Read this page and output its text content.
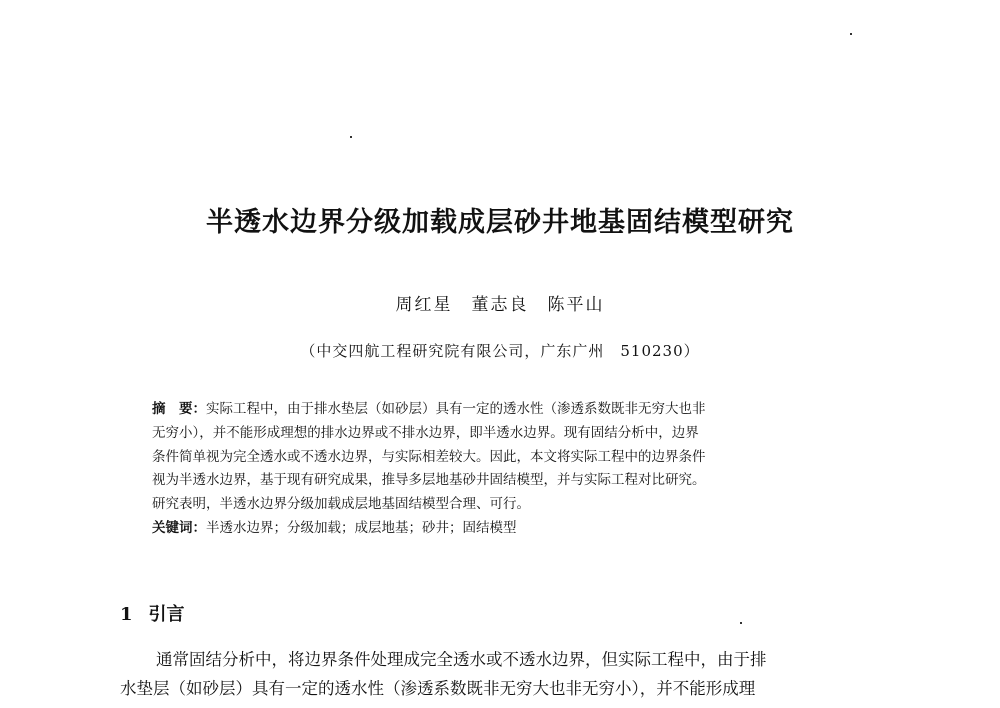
半透水边界分级加载成层砂井地基固结模型研究
周红星　董志良　陈平山
（中交四航工程研究院有限公司，广东广州　510230）
摘　要：实际工程中，由于排水垫层（如砂层）具有一定的透水性（渗透系数既非无穷大也非
无穷小），并不能形成理想的排水边界或不排水边界，即半透水边界。现有固结分析中，边界
条件简单视为完全透水或不透水边界，与实际相差较大。因此，本文将实际工程中的边界条件
视为半透水边界，基于现有研究成果，推导多层地基砂井固结模型，并与实际工程对比研究。
研究表明，半透水边界分级加载成层地基固结模型合理、可行。
关键词：半透水边界；分级加载；成层地基；砂井；固结模型
1 引言
通常固结分析中，将边界条件处理成完全透水或不透水边界，但实际工程中，由于排
水垫层（如砂层）具有一定的透水性（渗透系数既非无穷大也非无穷小），并不能形成理
